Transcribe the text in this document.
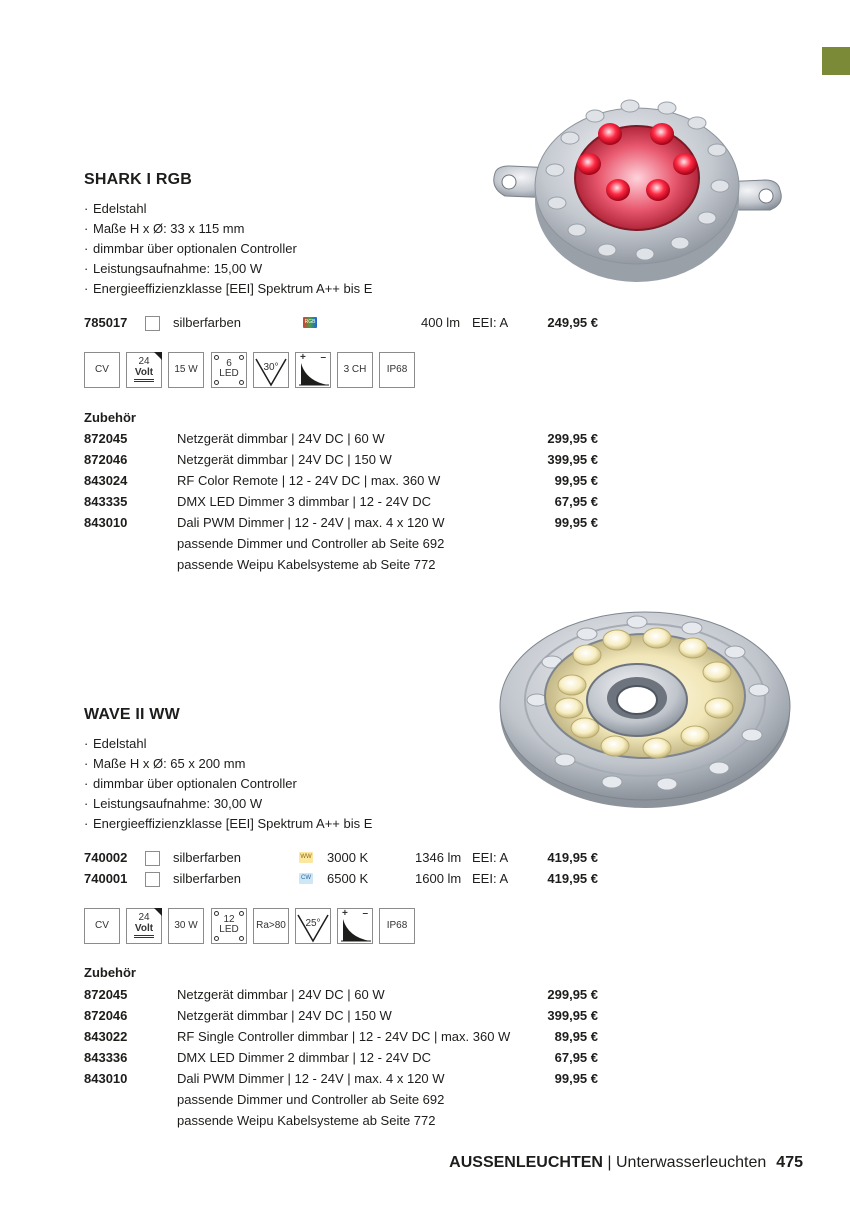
SHARK I RGB
· Edelstahl
· Maße H x Ø: 33 x 115 mm
· dimmbar über optionalen Controller
· Leistungsaufnahme: 15,00 W
· Energieeffizienzklasse [EEI] Spektrum A++ bis E
785017	silberfarben	RGB	400 lm EEI: A	249,95 €
CV
24
Volt	15 W
6
LED
30°
+ –
3 CH	IP68
Zubehör
872045	Netzgerät dimmbar | 24V DC | 60 W	299,95 €
872046	Netzgerät dimmbar | 24V DC | 150 W	399,95 €
843024	RF Color Remote | 12 - 24V DC | max. 360 W	99,95 €
843335	DMX LED Dimmer 3 dimmbar | 12 - 24V DC	67,95 €
843010	Dali PWM Dimmer | 12 - 24V | max. 4 x 120 W	99,95 €
passende Dimmer und Controller ab Seite 692
passende Weipu Kabelsysteme ab Seite 772
WAVE II WW
· Edelstahl
· Maße H x Ø: 65 x 200 mm
· dimmbar über optionalen Controller
· Leistungsaufnahme: 30,00 W
· Energieeffizienzklasse [EEI] Spektrum A++ bis E
740002	silberfarben	WW 3000 K	1346 lm EEI: A	419,95 €
740001	silberfarben	CW 6500 K	1600 lm EEI: A	419,95 €
CV
24
Volt	30 W
12
LED	Ra>80	25°
+ –
IP68
Zubehör
872045	Netzgerät dimmbar | 24V DC | 60 W	299,95 €
872046	Netzgerät dimmbar | 24V DC | 150 W	399,95 €
843022	RF Single Controller dimmbar | 12 - 24V DC | max. 360 W	89,95 €
843336	DMX LED Dimmer 2 dimmbar | 12 - 24V DC	67,95 €
843010	Dali PWM Dimmer | 12 - 24V | max. 4 x 120 W	99,95 €
passende Dimmer und Controller ab Seite 692
passende Weipu Kabelsysteme ab Seite 772
AUSSENLEUCHTEN | Unterwasserleuchten 475
